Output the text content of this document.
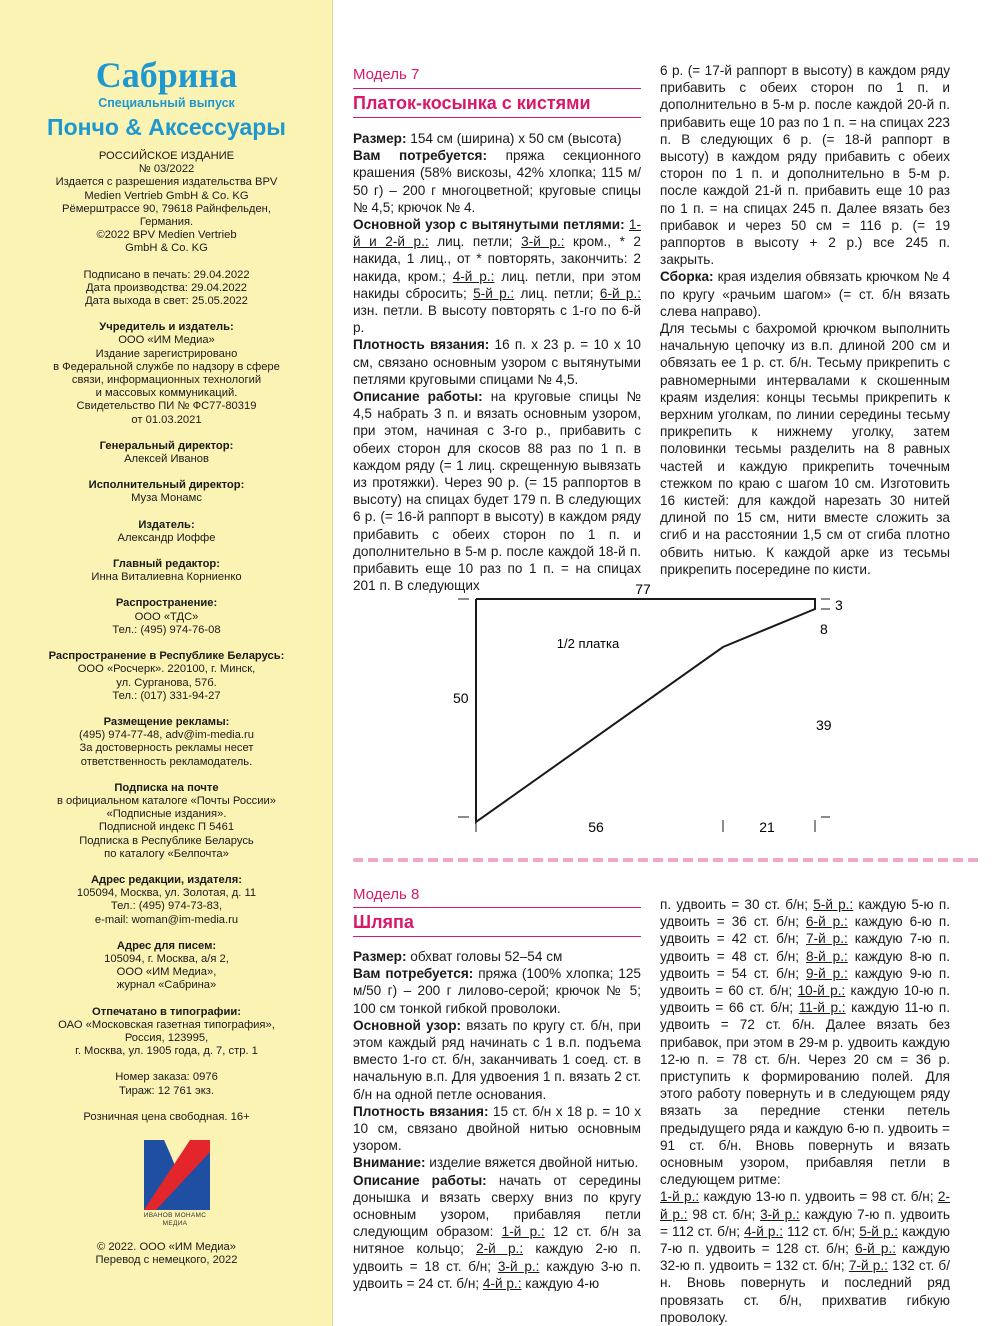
Сабрина
Специальный выпуск
Пончо & Аксессуары
РОССИЙСКОЕ ИЗДАНИЕ
№ 03/2022
Издается с разрешения издательства BPV
Medien Vertrieb GmbH & Co. KG
Рёмерштрассе 90, 79618 Райнфельден,
Германия.
©2022 BPV Medien Vertrieb
GmbH & Co. KG
Подписано в печать: 29.04.2022
Дата производства: 29.04.2022
Дата выхода в свет: 25.05.2022
Учредитель и издатель:
ООО «ИМ Медиа»
Издание зарегистрировано
в Федеральной службе по надзору в сфере
связи, информационных технологий
и массовых коммуникаций.
Свидетельство ПИ № ФС77-80319
от 01.03.2021
Генеральный директор:
Алексей Иванов
Исполнительный директор:
Муза Монамс
Издатель:
Александр Иоффе
Главный редактор:
Инна Виталиевна Корниенко
Распространение:
ООО «ТДС»
Тел.: (495) 974-76-08
Распространение в Республике Беларусь:
ООО «Росчерк». 220100, г. Минск,
ул. Сурганова, 57б.
Тел.: (017) 331-94-27
Размещение рекламы:
(495) 974-77-48, adv@im-media.ru
За достоверность рекламы несет
ответственность рекламодатель.
Подписка на почте
в официальном каталоге «Почты России»
«Подписные издания».
Подписной индекс П 5461
Подписка в Республике Беларусь
по каталогу «Белпочта»
Адрес редакции, издателя:
105094, Москва, ул. Золотая, д. 11
Тел.: (495) 974-73-83,
e-mail: woman@im-media.ru
Адрес для писем:
105094, г. Москва, а/я 2,
ООО «ИМ Медиа»,
журнал «Сабрина»
Отпечатано в типографии:
ОАО «Московская газетная типография»,
Россия, 123995,
г. Москва, ул. 1905 года, д. 7, стр. 1
Номер заказа: 0976
Тираж: 12 761 экз.
Розничная цена свободная. 16+
ИВАНОВ МОНАМС
МЕДИА
© 2022. ООО «ИМ Медиа»
Перевод с немецкого, 2022
Модель 7
Платок-косынка с кистями

Размер: 154 см (ширина) х 50 см (высота)

Вам потребуется: пряжа секционного крашения (58% вискозы, 42% хлопка; 115 м/ 50 г) – 200 г многоцветной; круговые спицы № 4,5; крючок № 4.

Основной узор с вытянутыми петлями: 1-й и 2-й р.: лиц. петли; 3-й р.: кром., * 2 накида, 1 лиц., от * повторять, закончить: 2 накида, кром.; 4-й р.: лиц. петли, при этом накиды сбросить; 5-й р.: лиц. петли; 6-й р.: изн. петли. В высоту повторять с 1-го по 6-й р.

Плотность вязания: 16 п. х 23 р. = 10 х 10 см, связано основным узором с вытянутыми петлями круговыми спицами № 4,5.

Описание работы: на круговые спицы № 4,5 набрать 3 п. и вязать основным узором, при этом, начиная с 3-го р., прибавить с обеих сторон для скосов 88 раз по 1 п. в каждом ряду (= 1 лиц. скрещенную вывязать из протяжки). Через 90 р. (= 15 раппортов в высоту) на спицах будет 179 п. В следующих 6 р. (= 16-й раппорт в высоту) в каждом ряду прибавить с обеих сторон по 1 п. и дополнительно в 5-м р. после каждой 18-й п. прибавить еще 10 раз по 1 п. = на спицах 201 п. В следующих

6 р. (= 17-й раппорт в высоту) в каждом ряду прибавить с обеих сторон по 1 п. и дополнительно в 5-м р. после каждой 20-й п. прибавить еще 10 раз по 1 п. = на спицах 223 п. В следующих 6 р. (= 18-й раппорт в высоту) в каждом ряду прибавить с обеих сторон по 1 п. и дополнительно в 5-м р. после каждой 21-й п. прибавить еще 10 раз по 1 п. = на спицах 245 п. Далее вязать без прибавок и через 50 см = 116 р. (= 19 раппортов в высоту + 2 р.) все 245 п. закрыть.

Сборка: края изделия обвязать крючком № 4 по кругу «рачьим шагом» (= ст. б/н вязать слева направо).

Для тесьмы с бахромой крючком выполнить начальную цепочку из в.п. длиной 200 см и обвязать ее 1 р. ст. б/н. Тесьму прикрепить с равномерными интервалами к скошенным краям изделия: концы тесьмы прикрепить к верхним уголкам, по линии середины тесьму прикрепить к нижнему уголку, затем половинки тесьмы разделить на 8 равных частей и каждую прикрепить точечным стежком по краю с шагом 10 см. Изготовить 16 кистей: для каждой нарезать 30 нитей длиной по 15 см, нити вместе сложить за сгиб и на расстоянии 1,5 см от сгиба плотно обвить нитью. К каждой арке из тесьмы прикрепить посередине по кисти.

77
3
8
39
50
56	21
1/2 платка
Модель 8
Шляпа

Размер: обхват головы 52–54 см

Вам потребуется: пряжа (100% хлопка; 125 м/50 г) – 200 г лилово-серой; крючок № 5; 100 см тонкой гибкой проволоки.

Основной узор: вязать по кругу ст. б/н, при этом каждый ряд начинать с 1 в.п. подъема вместо 1-го ст. б/н, заканчивать 1 соед. ст. в начальную в.п. Для удвоения 1 п. вязать 2 ст. б/н на одной петле основания.

Плотность вязания: 15 ст. б/н х 18 р. = 10 х 10 см, связано двойной нитью основным узором.

Внимание: изделие вяжется двойной нитью.

Описание работы: начать от середины донышка и вязать сверху вниз по кругу основным узором, прибавляя петли следующим образом: 1-й р.: 12 ст. б/н за нитяное кольцо; 2-й р.: каждую 2-ю п. удвоить = 18 ст. б/н; 3-й р.: каждую 3-ю п. удвоить = 24 ст. б/н; 4-й р.: каждую 4-ю

п. удвоить = 30 ст. б/н; 5-й р.: каждую 5-ю п. удвоить = 36 ст. б/н; 6-й р.: каждую 6-ю п. удвоить = 42 ст. б/н; 7-й р.: каждую 7-ю п. удвоить = 48 ст. б/н; 8-й р.: каждую 8-ю п. удвоить = 54 ст. б/н; 9-й р.: каждую 9-ю п. удвоить = 60 ст. б/н; 10-й р.: каждую 10-ю п. удвоить = 66 ст. б/н; 11-й р.: каждую 11-ю п. удвоить = 72 ст. б/н. Далее вязать без прибавок, при этом в 29-м р. удвоить каждую 12-ю п. = 78 ст. б/н. Через 20 см = 36 р. приступить к формированию полей. Для этого работу повернуть и в следующем ряду вязать за передние стенки петель предыдущего ряда и каждую 6-ю п. удвоить = 91 ст. б/н. Вновь повернуть и вязать основным узором, прибавляя петли в следующем ритме:

1-й р.: каждую 13-ю п. удвоить = 98 ст. б/н; 2-й р.: 98 ст. б/н; 3-й р.: каждую 7-ю п. удвоить = 112 ст. б/н; 4-й р.: 112 ст. б/н; 5-й р.: каждую 7-ю п. удвоить = 128 ст. б/н; 6-й р.: каждую 32-ю п. удвоить = 132 ст. б/н; 7-й р.: 132 ст. б/н. Вновь повернуть и последний ряд провязать ст. б/н, прихватив гибкую проволоку.
